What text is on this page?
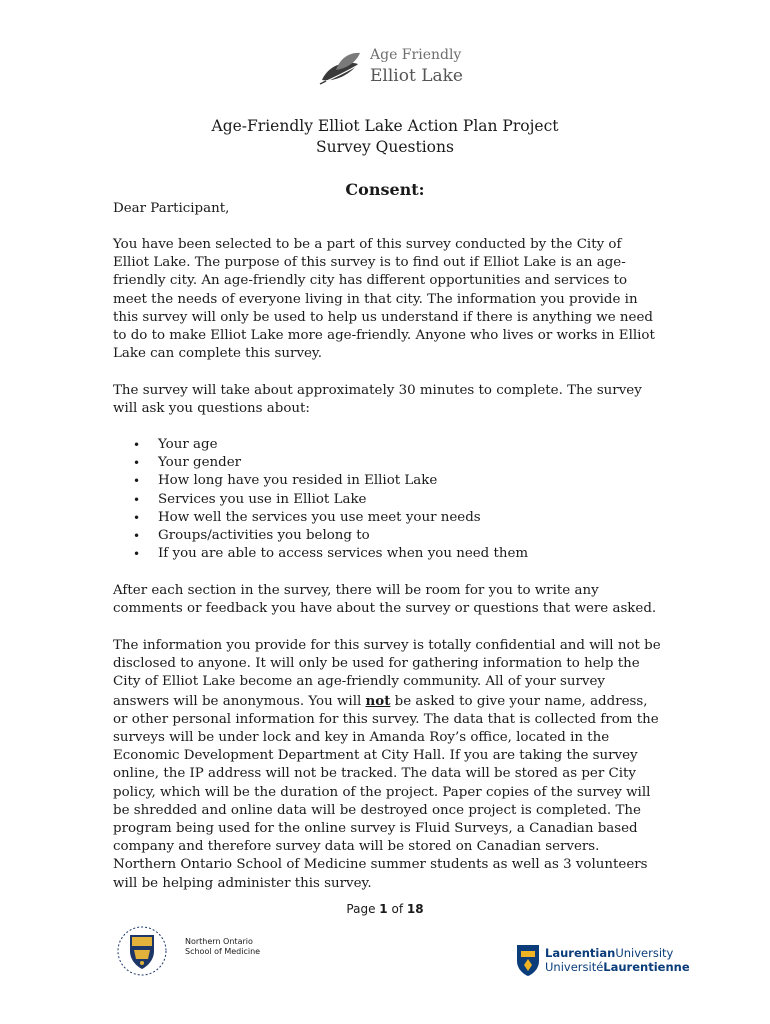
Age Friendly
Elliot Lake
Age-Friendly Elliot Lake Action Plan Project
Survey Questions
Consent:
Dear Participant,
You have been selected to be a part of this survey conducted by the City of Elliot Lake. The purpose of this survey is to find out if Elliot Lake is an age-friendly city. An age-friendly city has different opportunities and services to meet the needs of everyone living in that city. The information you provide in this survey will only be used to help us understand if there is anything we need to do to make Elliot Lake more age-friendly. Anyone who lives or works in Elliot Lake can complete this survey.
The survey will take about approximately 30 minutes to complete. The survey will ask you questions about:
• Your age
• Your gender
• How long have you resided in Elliot Lake
• Services you use in Elliot Lake
• How well the services you use meet your needs
• Groups/activities you belong to
• If you are able to access services when you need them
After each section in the survey, there will be room for you to write any comments or feedback you have about the survey or questions that were asked.
The information you provide for this survey is totally confidential and will not be disclosed to anyone. It will only be used for gathering information to help the City of Elliot Lake become an age-friendly community. All of your survey answers will be anonymous. You will not be asked to give your name, address, or other personal information for this survey. The data that is collected from the surveys will be under lock and key in Amanda Roy’s office, located in the Economic Development Department at City Hall. If you are taking the survey online, the IP address will not be tracked. The data will be stored as per City policy, which will be the duration of the project. Paper copies of the survey will be shredded and online data will be destroyed once project is completed. The program being used for the online survey is Fluid Surveys, a Canadian based company and therefore survey data will be stored on Canadian servers. Northern Ontario School of Medicine summer students as well as 3 volunteers will be helping administer this survey.
Page 1 of 18
Northern Ontario
School of Medicine	LaurentianUniversity
UniversitéLaurentienne
